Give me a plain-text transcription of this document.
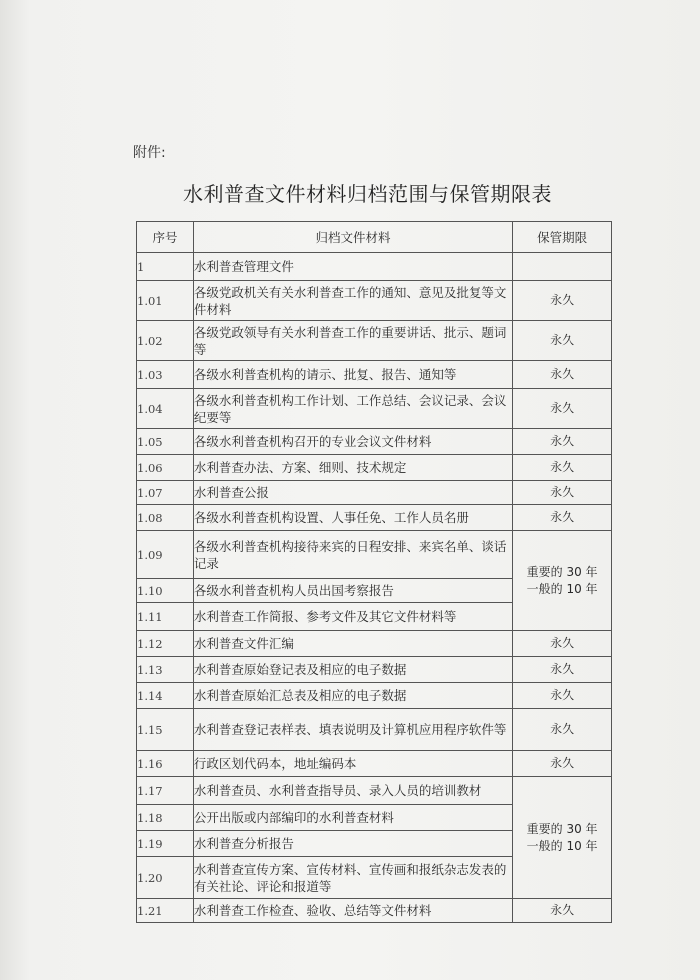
附件:
水利普查文件材料归档范围与保管期限表
序号	归档文件材料	保管期限
1	水利普查管理文件	
1.01	各级党政机关有关水利普查工作的通知、意见及批复等文件材料	永久
1.02	各级党政领导有关水利普查工作的重要讲话、批示、题词等	永久
1.03	各级水利普查机构的请示、批复、报告、通知等	永久
1.04	各级水利普查机构工作计划、工作总结、会议记录、会议纪要等	永久
1.05	各级水利普查机构召开的专业会议文件材料	永久
1.06	水利普查办法、方案、细则、技术规定	永久
1.07	水利普查公报	永久
1.08	各级水利普查机构设置、人事任免、工作人员名册	永久
1.09	各级水利普查机构接待来宾的日程安排、来宾名单、谈话记录	重要的 30 年
一般的 10 年

1.10	各级水利普查机构人员出国考察报告	
1.11	水利普查工作简报、参考文件及其它文件材料等	
1.12	水利普查文件汇编	永久
1.13	水利普查原始登记表及相应的电子数据	永久
1.14	水利普查原始汇总表及相应的电子数据	永久
1.15	水利普查登记表样表、填表说明及计算机应用程序软件等	永久
1.16	行政区划代码本，地址编码本	永久
1.17	水利普查员、水利普查指导员、录入人员的培训教材	重要的 30 年
一般的 10 年

1.18	公开出版或内部编印的水利普查材料	
1.19	水利普查分析报告	
1.20	水利普查宣传方案、宣传材料、宣传画和报纸杂志发表的有关社论、评论和报道等	
1.21	水利普查工作检查、验收、总结等文件材料	永久
